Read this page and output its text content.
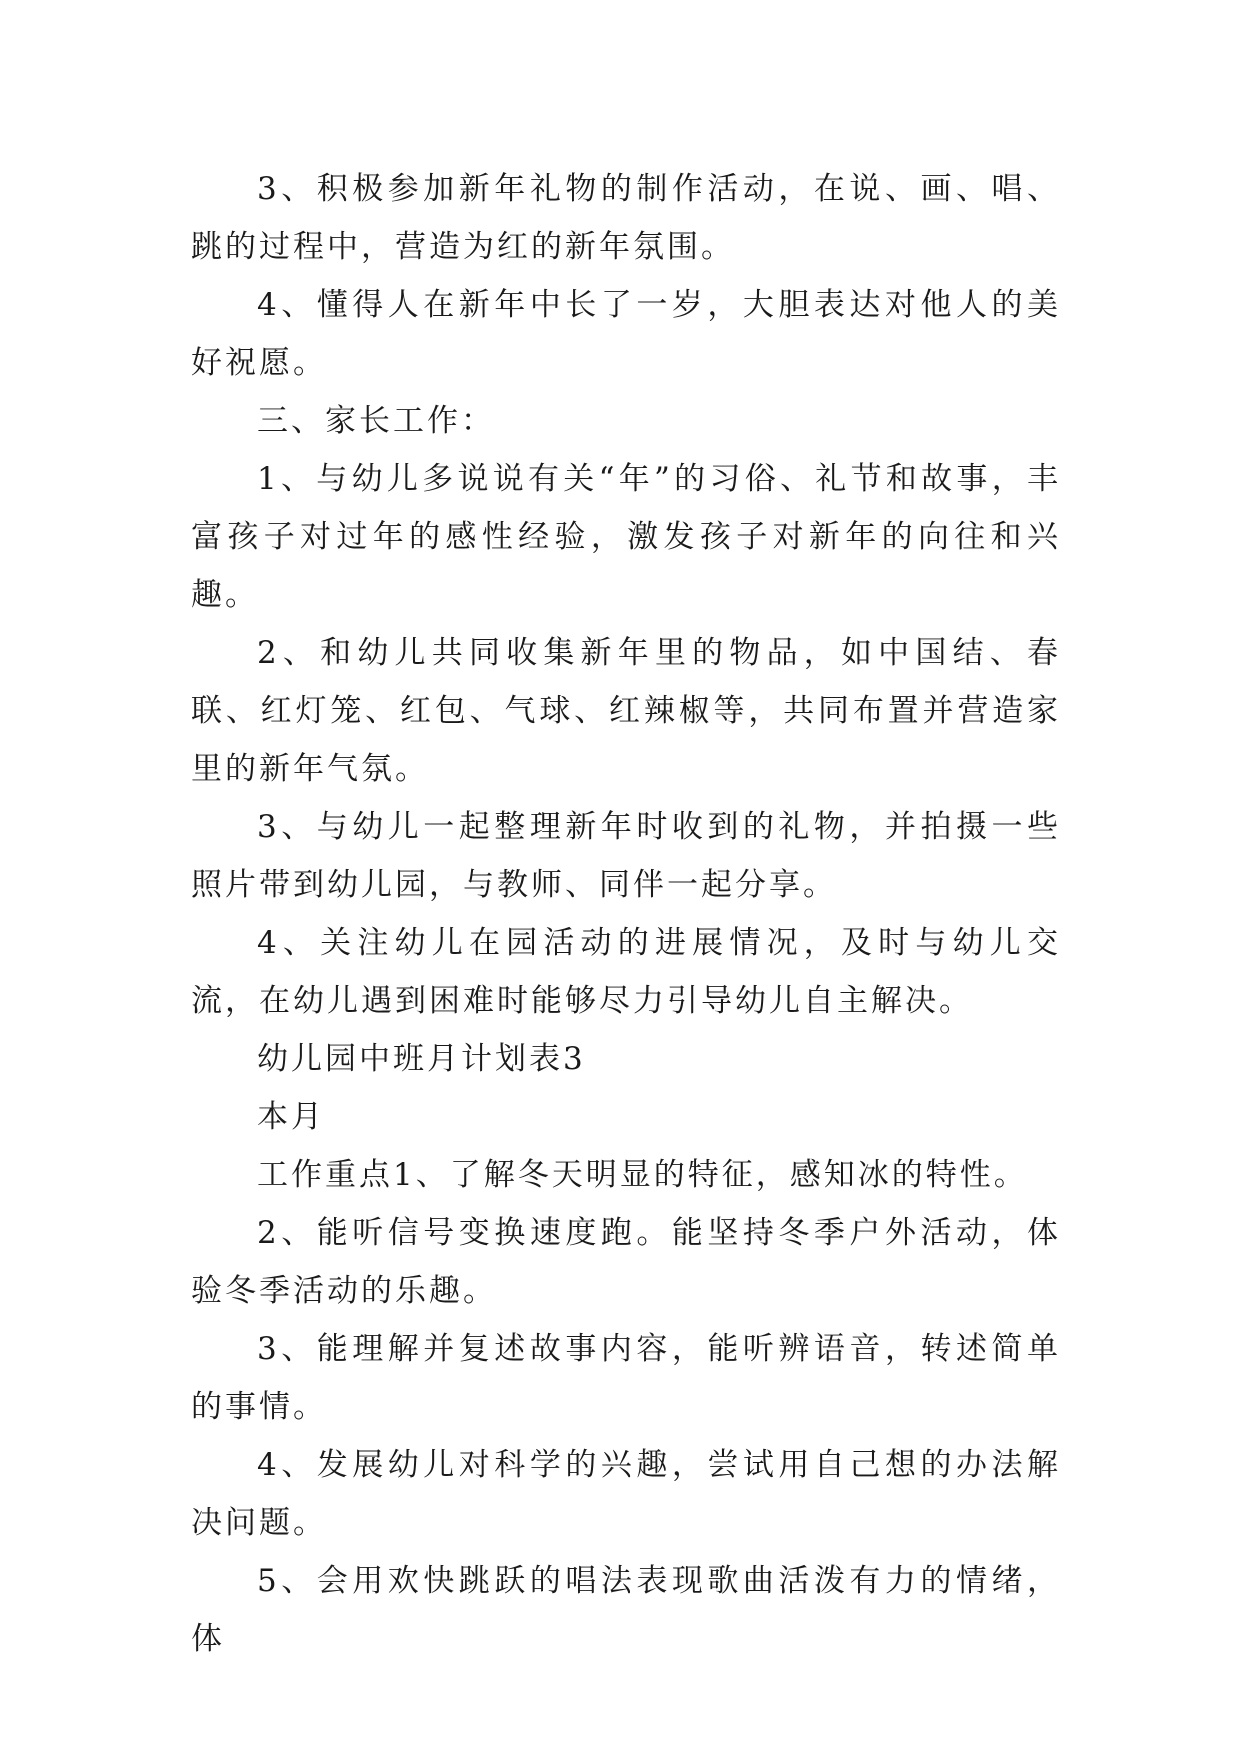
3、积极参加新年礼物的制作活动，在说、画、唱、跳的过程中，营造为红的新年氛围。

4、懂得人在新年中长了一岁，大胆表达对他人的美好祝愿。

三、家长工作：

1、与幼儿多说说有关“年”的习俗、礼节和故事，丰富孩子对过年的感性经验，激发孩子对新年的向往和兴趣。

2、和幼儿共同收集新年里的物品，如中国结、春联、红灯笼、红包、气球、红辣椒等，共同布置并营造家里的新年气氛。

3、与幼儿一起整理新年时收到的礼物，并拍摄一些照片带到幼儿园，与教师、同伴一起分享。

4、关注幼儿在园活动的进展情况，及时与幼儿交流，在幼儿遇到困难时能够尽力引导幼儿自主解决。

幼儿园中班月计划表3

本月

工作重点1、了解冬天明显的特征，感知冰的特性。

2、能听信号变换速度跑。能坚持冬季户外活动，体验冬季活动的乐趣。

3、能理解并复述故事内容，能听辨语音，转述简单的事情。

4、发展幼儿对科学的兴趣，尝试用自己想的办法解决问题。

5、会用欢快跳跃的唱法表现歌曲活泼有力的情绪，体
